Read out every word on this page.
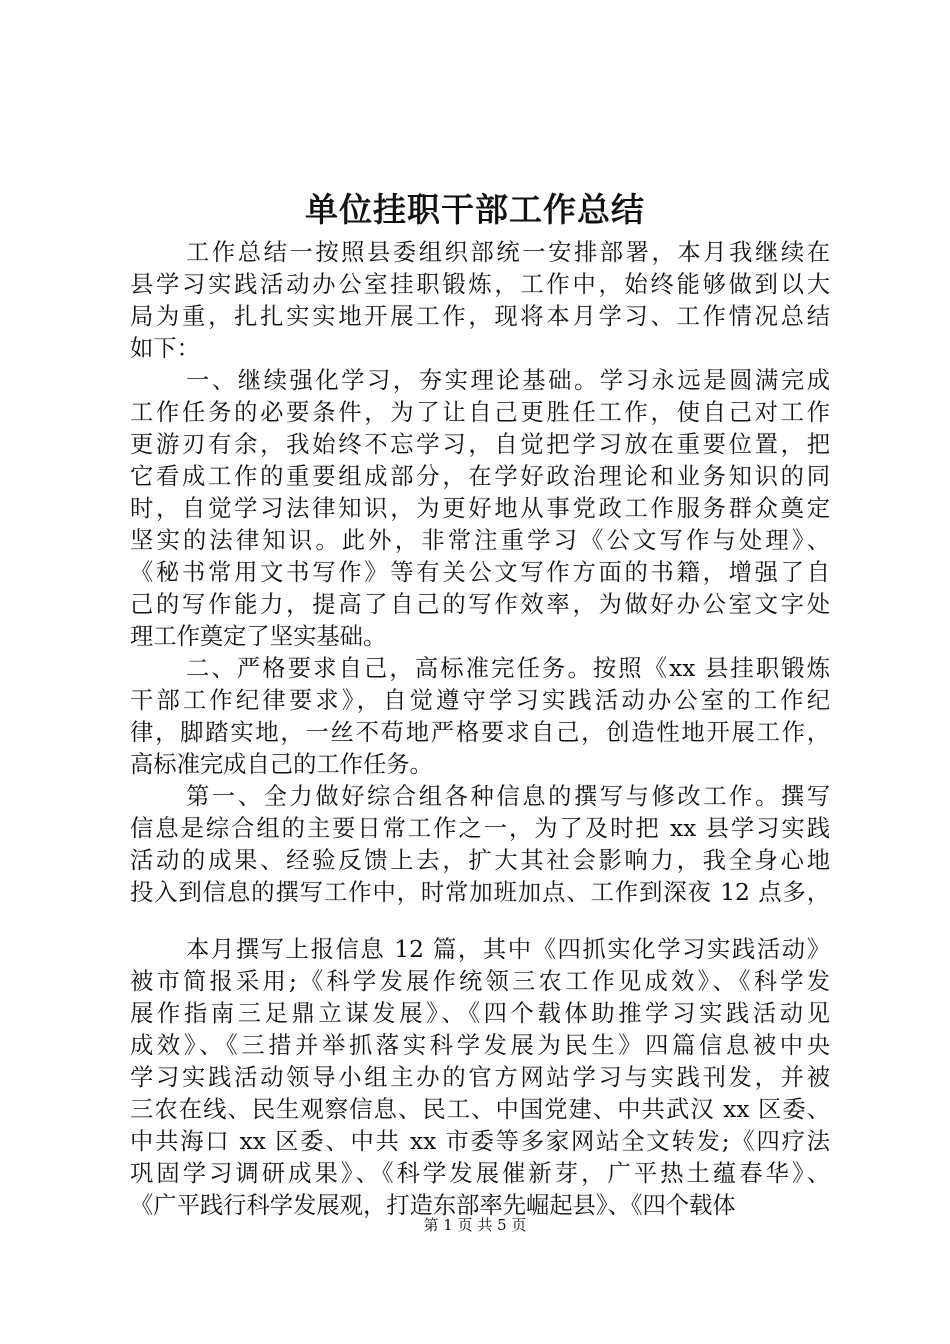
单位挂职干部工作总结
工作总结一按照县委组织部统一安排部署，本月我继续在
县学习实践活动办公室挂职锻炼，工作中，始终能够做到以大
局为重，扎扎实实地开展工作，现将本月学习、工作情况总结
如下：
一、继续强化学习，夯实理论基础。学习永远是圆满完成
工作任务的必要条件，为了让自己更胜任工作，使自己对工作
更游刃有余，我始终不忘学习，自觉把学习放在重要位置，把
它看成工作的重要组成部分，在学好政治理论和业务知识的同
时，自觉学习法律知识，为更好地从事党政工作服务群众奠定
坚实的法律知识。此外，非常注重学习《公文写作与处理》、
《秘书常用文书写作》等有关公文写作方面的书籍，增强了自
己的写作能力，提高了自己的写作效率，为做好办公室文字处
理工作奠定了坚实基础。
二、严格要求自己，高标准完任务。按照《xx 县挂职锻炼
干部工作纪律要求》，自觉遵守学习实践活动办公室的工作纪
律，脚踏实地，一丝不苟地严格要求自己，创造性地开展工作，
高标准完成自己的工作任务。
第一、全力做好综合组各种信息的撰写与修改工作。撰写
信息是综合组的主要日常工作之一，为了及时把 xx 县学习实践
活动的成果、经验反馈上去，扩大其社会影响力，我全身心地
投入到信息的撰写工作中，时常加班加点、工作到深夜 12 点多，
本月撰写上报信息 12 篇，其中《四抓实化学习实践活动》
被市简报采用;《科学发展作统领三农工作见成效》、《科学发
展作指南三足鼎立谋发展》、《四个载体助推学习实践活动见
成效》、《三措并举抓落实科学发展为民生》四篇信息被中央
学习实践活动领导小组主办的官方网站学习与实践刊发，并被
三农在线、民生观察信息、民工、中国党建、中共武汉 xx 区委、
中共海口 xx 区委、中共 xx 市委等多家网站全文转发;《四疗法
巩固学习调研成果》、《科学发展催新芽，广平热土蕴春华》、
《广平践行科学发展观，打造东部率先崛起县》、《四个载体
第 1 页 共 5 页
